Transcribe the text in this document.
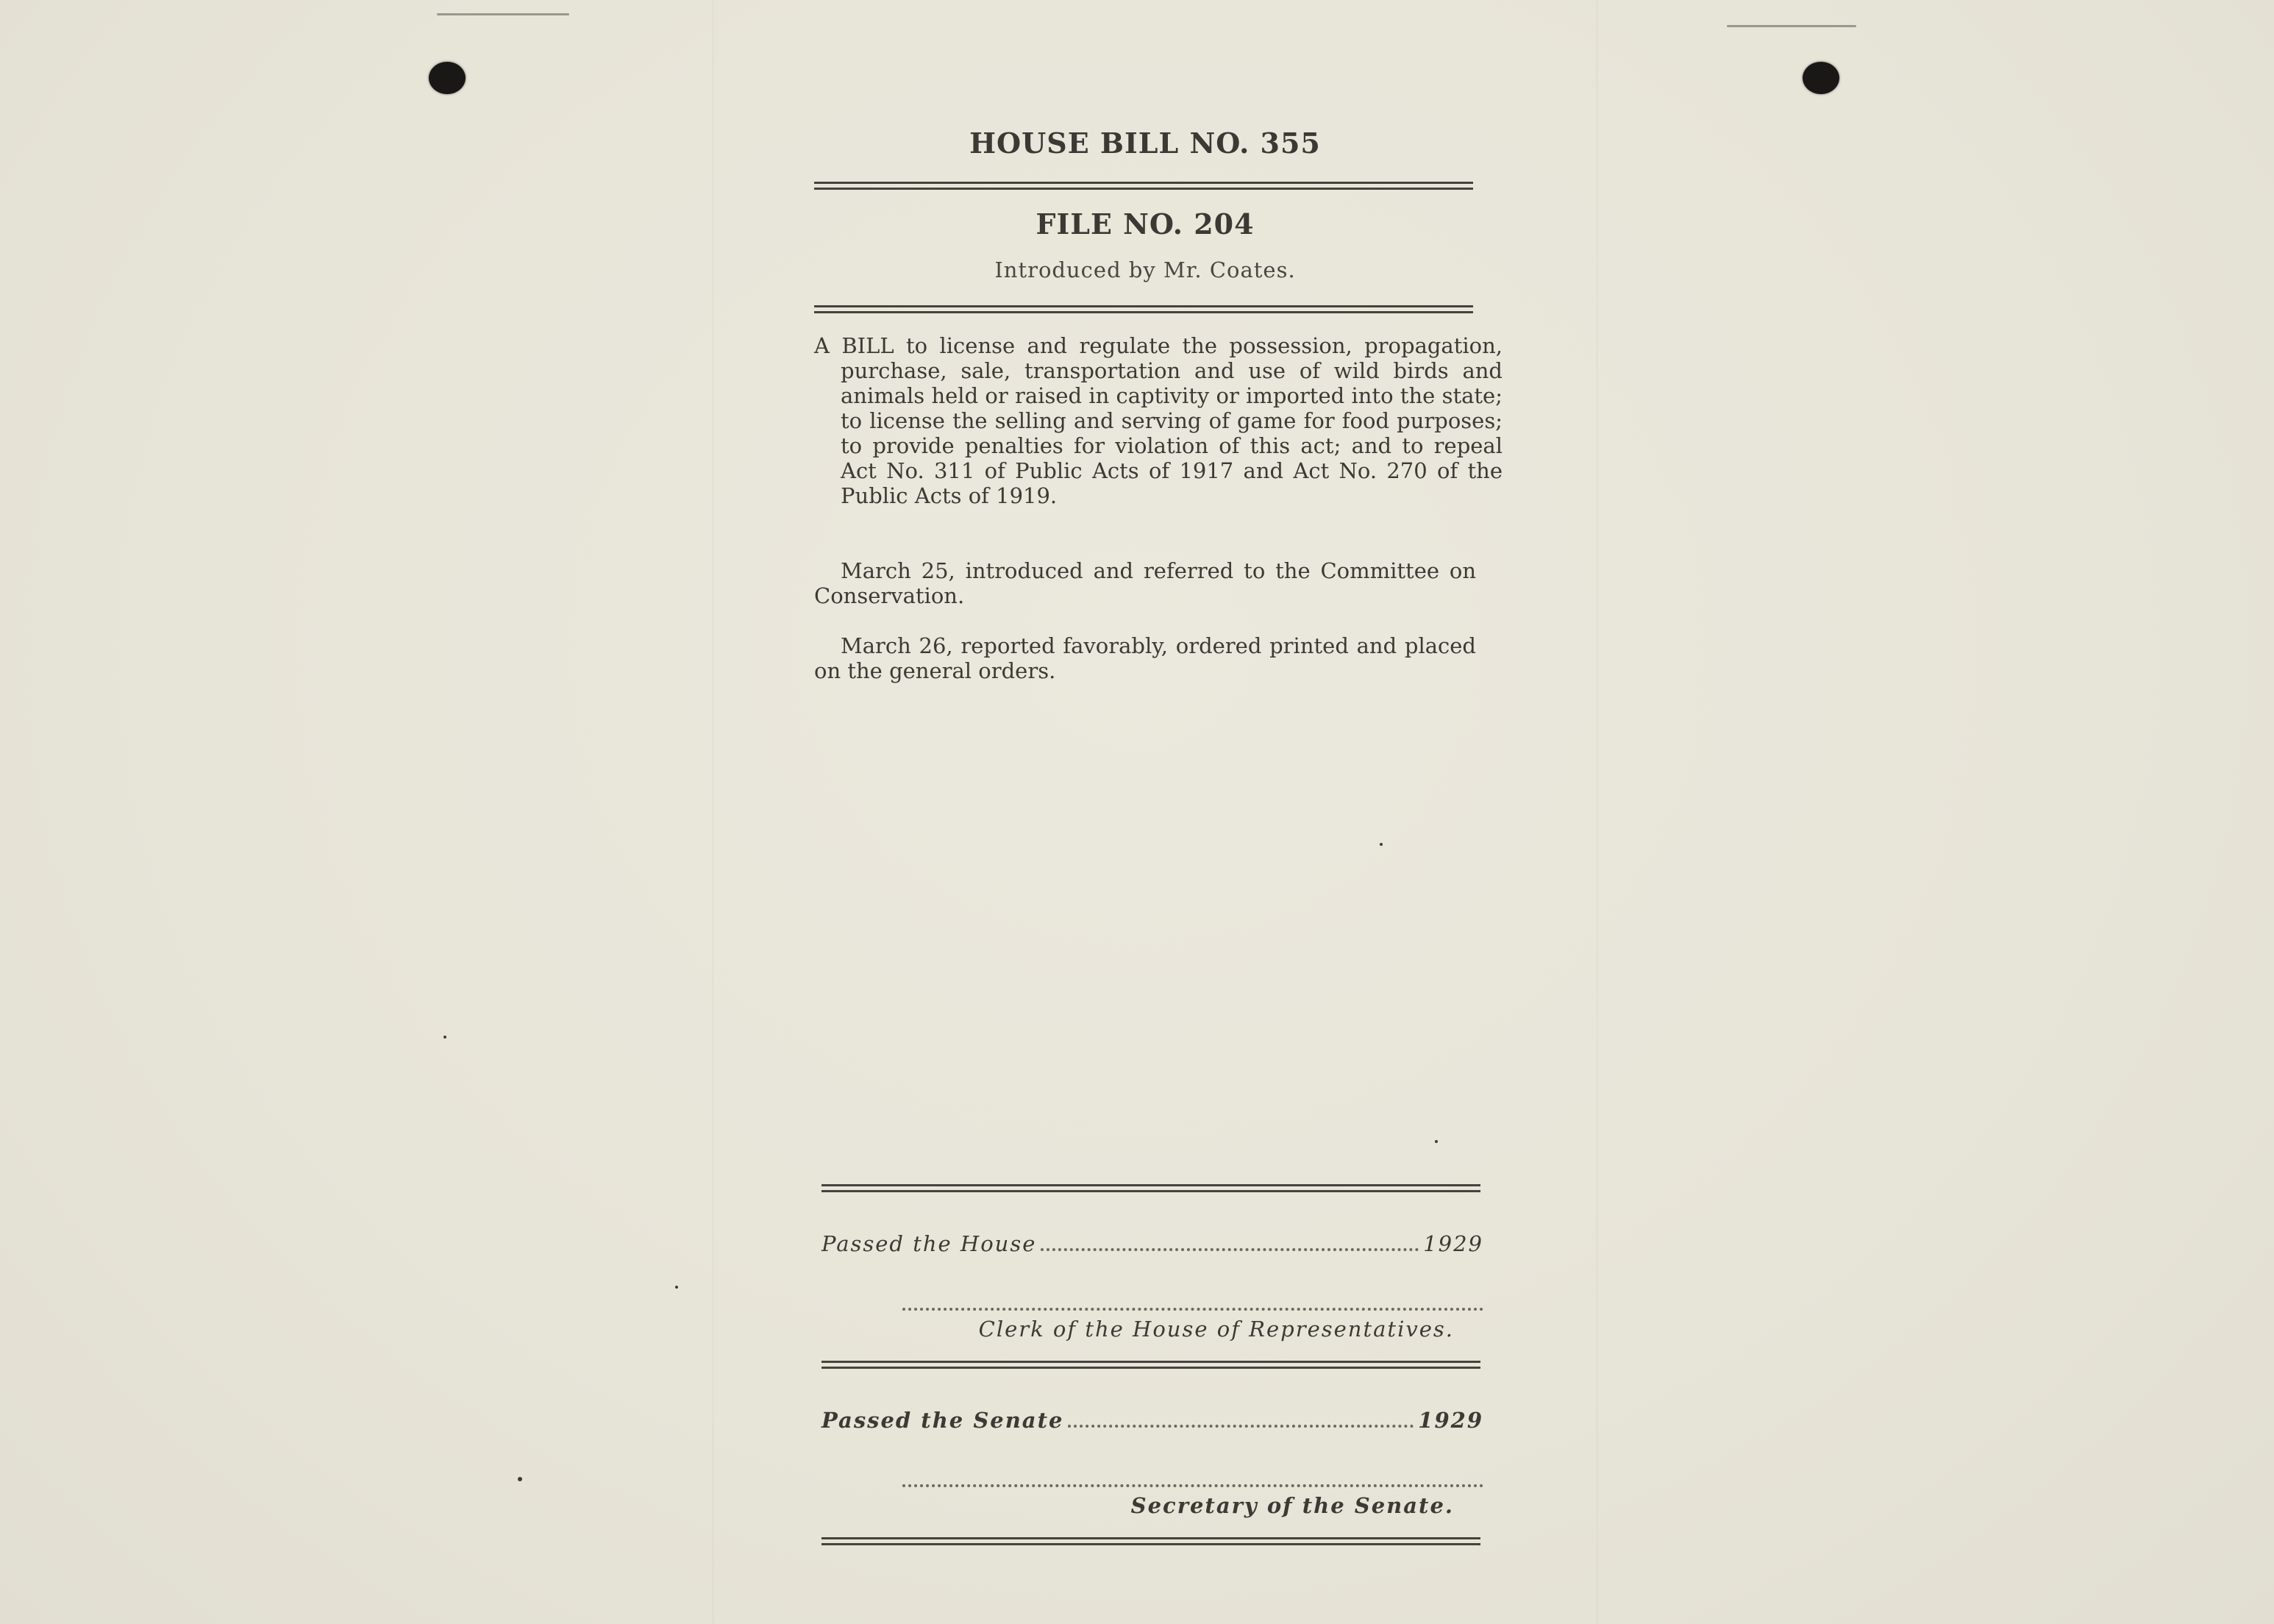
HOUSE BILL NO. 355
FILE NO. 204
Introduced by Mr. Coates.
A BILL to license and regulate the possession, propagation, purchase, sale, transportation and use of wild birds and animals held or raised in captivity or imported into the state; to license the selling and serving of game for food purposes; to provide penalties for violation of this act; and to repeal Act No. 311 of Public Acts of 1917 and Act No. 270 of the Public Acts of 1919.
March 25, introduced and referred to the Committee on Conservation.
March 26, reported favorably, ordered printed and placed on the general orders.
Passed the House	1929
Clerk of the House of Representatives.
Passed the Senate	1929
Secretary of the Senate.
